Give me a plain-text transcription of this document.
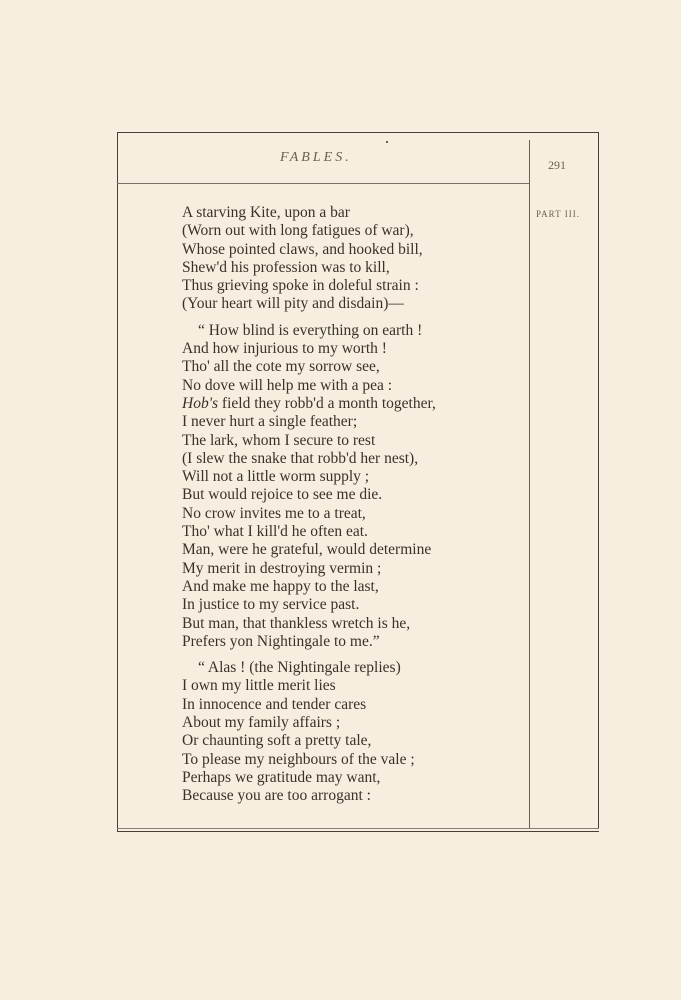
FABLES.	291
PART III.
A starving Kite, upon a bar
(Worn out with long fatigues of war),
Whose pointed claws, and hooked bill,
Shew'd his profession was to kill,
Thus grieving spoke in doleful strain :
(Your heart will pity and disdain)—
“ How blind is everything on earth !
And how injurious to my worth !
Tho' all the cote my sorrow see,
No dove will help me with a pea :
Hob's field they robb'd a month together,
I never hurt a single feather;
The lark, whom I secure to rest
(I slew the snake that robb'd her nest),
Will not a little worm supply ;
But would rejoice to see me die.
No crow invites me to a treat,
Tho' what I kill'd he often eat.
Man, were he grateful, would determine
My merit in destroying vermin ;
And make me happy to the last,
In justice to my service past.
But man, that thankless wretch is he,
Prefers yon Nightingale to me.”
“ Alas ! (the Nightingale replies)
I own my little merit lies
In innocence and tender cares
About my family affairs ;
Or chaunting soft a pretty tale,
To please my neighbours of the vale ;
Perhaps we gratitude may want,
Because you are too arrogant :
